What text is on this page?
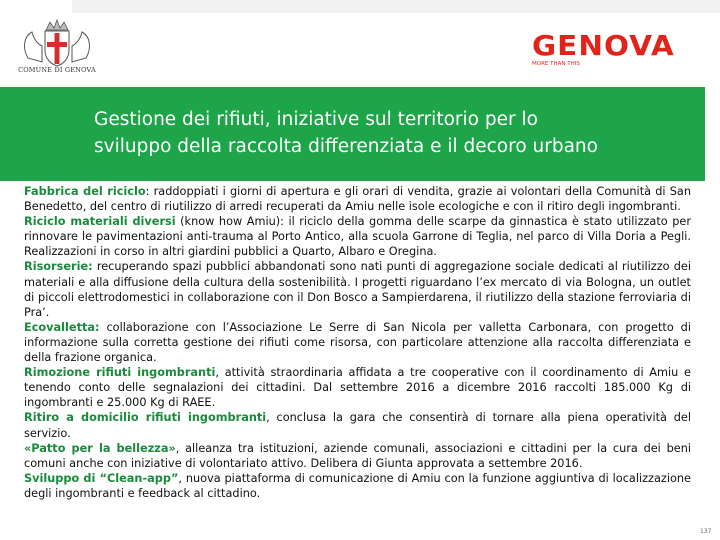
COMUNE DI GENOVA
GENOVA
MORE THAN THIS
Gestione dei rifiuti, iniziative sul territorio per lo
sviluppo della raccolta differenziata e il decoro urbano

Fabbrica del riciclo: raddoppiati i giorni di apertura e gli orari di vendita, grazie ai volontari della Comunità di San Benedetto, del centro di riutilizzo di arredi recuperati da Amiu nelle isole ecologiche e con il ritiro degli ingombranti.

Riciclo materiali diversi (know how Amiu): il riciclo della gomma delle scarpe da ginnastica è stato utilizzato per rinnovare le pavimentazioni anti-trauma al Porto Antico, alla scuola Garrone di Teglia, nel parco di Villa Doria a Pegli. Realizzazioni in corso in altri giardini pubblici a Quarto, Albaro e Oregina.

Risorserie: recuperando spazi pubblici abbandonati sono nati punti di aggregazione sociale dedicati al riutilizzo dei materiali e alla diffusione della cultura della sostenibilità. I progetti riguardano l’ex mercato di via Bologna, un outlet di piccoli elettrodomestici in collaborazione con il Don Bosco a Sampierdarena, il riutilizzo della stazione ferroviaria di Pra’.

Ecovalletta: collaborazione con l’Associazione Le Serre di San Nicola per valletta Carbonara, con progetto di informazione sulla corretta gestione dei rifiuti come risorsa, con particolare attenzione alla raccolta differenziata e della frazione organica.

Rimozione rifiuti ingombranti, attività straordinaria affidata a tre cooperative con il coordinamento di Amiu e tenendo conto delle segnalazioni dei cittadini. Dal settembre 2016 a dicembre 2016 raccolti 185.000 Kg di ingombranti e 25.000 Kg di RAEE.

Ritiro a domicilio rifiuti ingombranti, conclusa la gara che consentirà di tornare alla piena operatività del servizio.

«Patto per la bellezza», alleanza tra istituzioni, aziende comunali, associazioni e cittadini per la cura dei beni comuni anche con iniziative di volontariato attivo. Delibera di Giunta approvata a settembre 2016.

Sviluppo di “Clean-app”, nuova piattaforma di comunicazione di Amiu con la funzione aggiuntiva di localizzazione degli ingombranti e feedback al cittadino.

137
